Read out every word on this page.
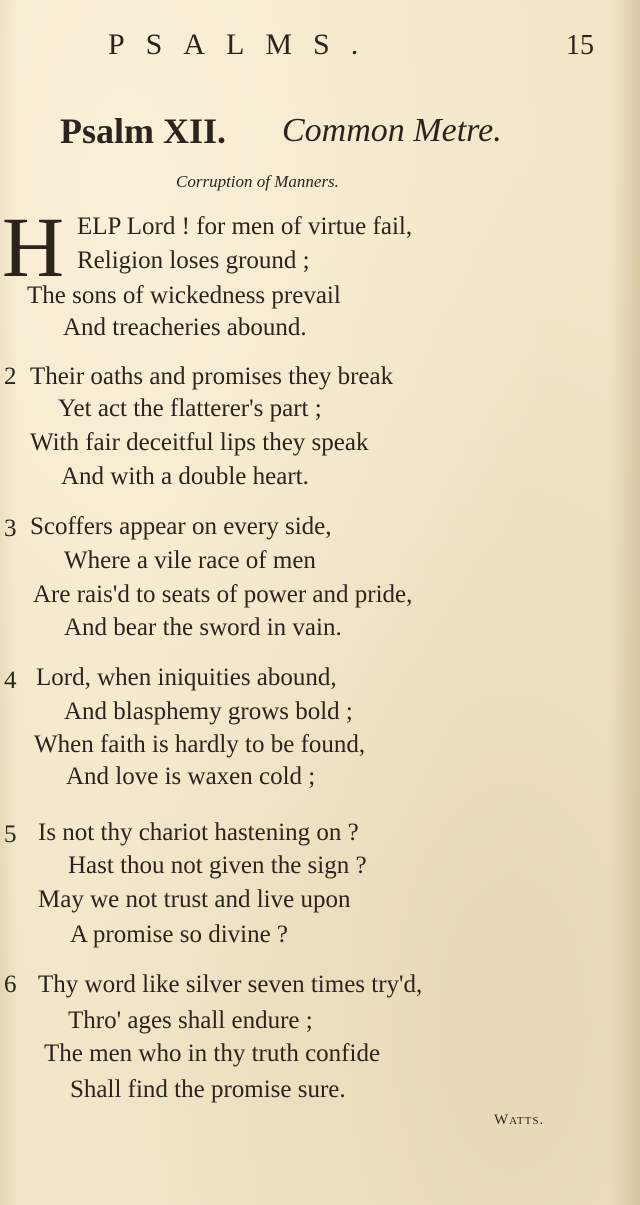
PSALMS.	15
Psalm XII. Common Metre.
Corruption of Manners.
H ELP Lord ! for men of virtue fail,
Religion loses ground ;
The sons of wickedness prevail
And treacheries abound.
2 Their oaths and promises they break
Yet act the flatterer's part ;
With fair deceitful lips they speak
And with a double heart.
3 Scoffers appear on every side,
Where a vile race of men
Are rais'd to seats of power and pride,
And bear the sword in vain.
4 Lord, when iniquities abound,
And blasphemy grows bold ;
When faith is hardly to be found,
And love is waxen cold ;
5 Is not thy chariot hastening on ?
Hast thou not given the sign ?
May we not trust and live upon
A promise so divine ?
6 Thy word like silver seven times try'd,
Thro' ages shall endure ;
The men who in thy truth confide
Shall find the promise sure.
Watts.
